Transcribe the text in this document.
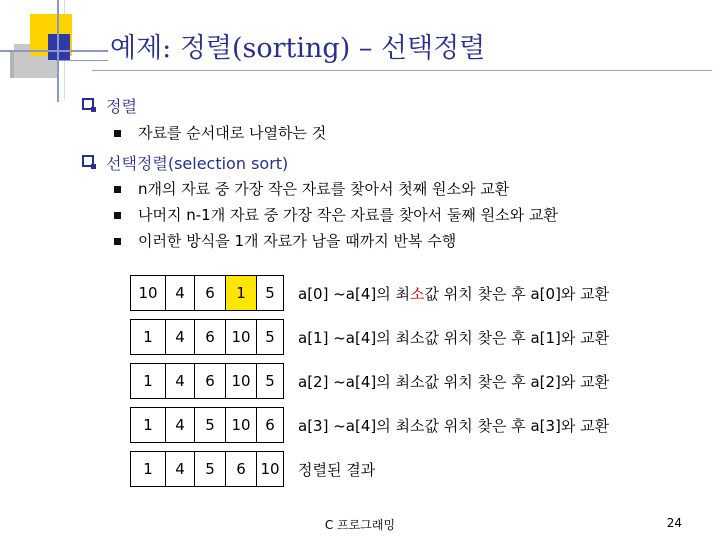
예제: 정렬(sorting) – 선택정렬
정렬
자료를 순서대로 나열하는 것
선택정렬(selection sort)
n개의 자료 중 가장 작은 자료를 찾아서 첫째 원소와 교환
나머지 n-1개 자료 중 가장 작은 자료를 찾아서 둘째 원소와 교환
이러한 방식을 1개 자료가 남을 때까지 반복 수행
10	4	6	1	5		a[0] ~a[4]의 최소값 위치 찾은 후 a[0]와 교환

1	4	6	10	5		a[1] ~a[4]의 최소값 위치 찾은 후 a[1]와 교환

1	4	6	10	5		a[2] ~a[4]의 최소값 위치 찾은 후 a[2]와 교환

1	4	5	10	6		a[3] ~a[4]의 최소값 위치 찾은 후 a[3]와 교환

1	4	5	6	10		정렬된 결과
C 프로그래밍	24
